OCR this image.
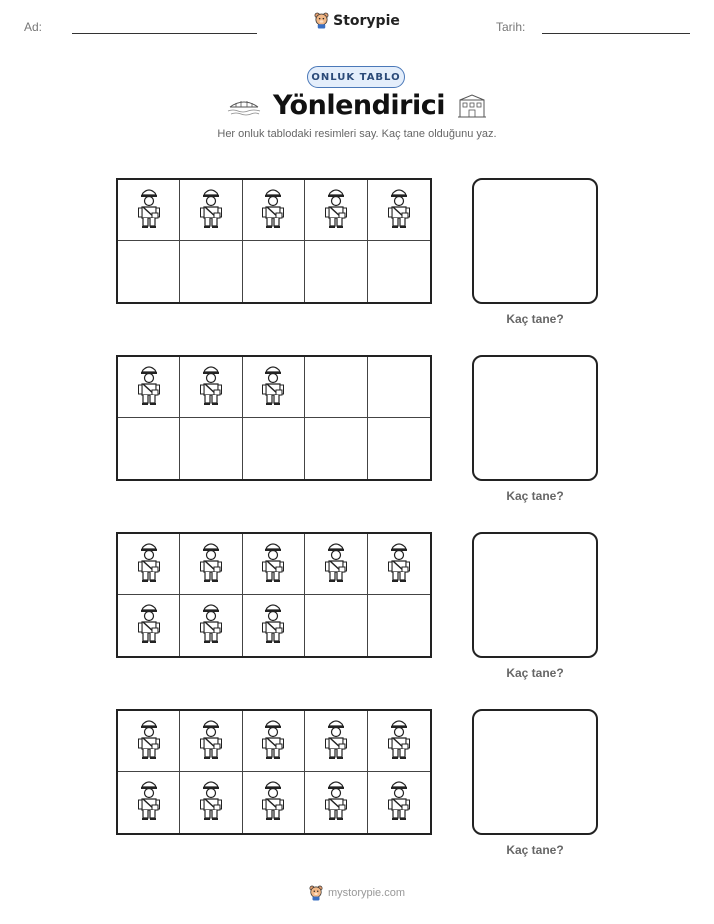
Ad:	Tarih:
Storypie
ONLUK TABLO
Yönlendirici
Her onluk tablodaki resimleri say. Kaç tane olduğunu yaz.
Kaç tane?
Kaç tane?
Kaç tane?
Kaç tane?
mystorypie.com
